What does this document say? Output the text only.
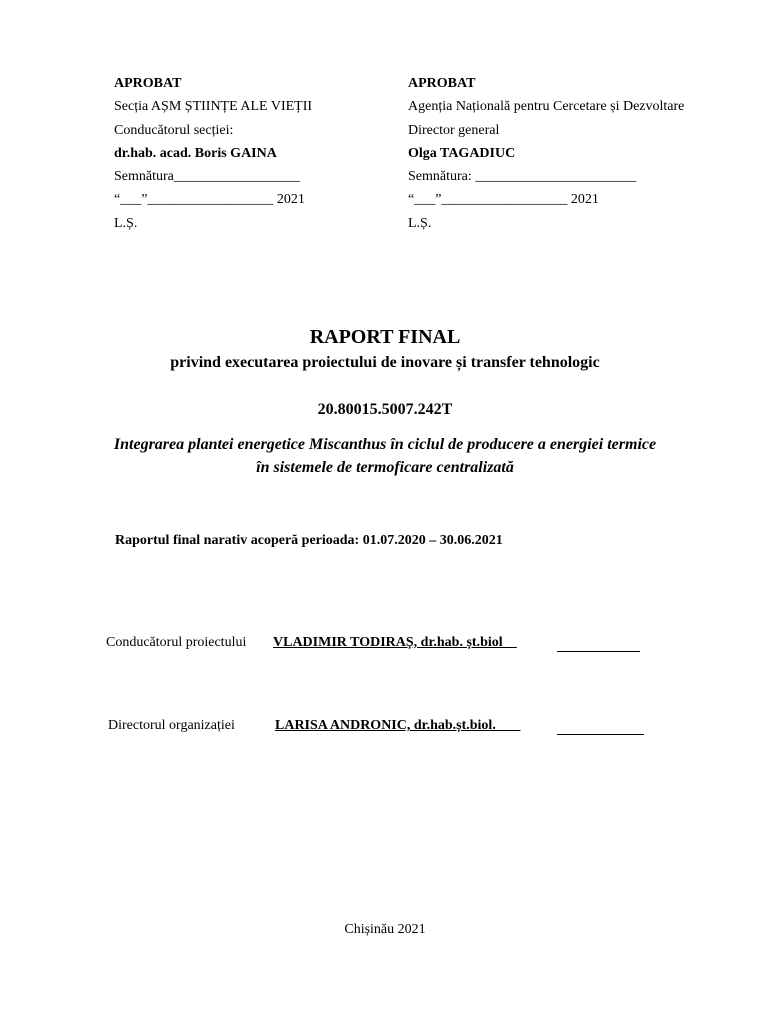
APROBAT
Secția AȘM ȘTIINȚE ALE VIEȚII
Conducătorul secției:
dr.hab. acad. Boris GAINA
Semnătura__________________
“___”__________________ 2021
L.Ș.
APROBAT
Agenția Națională pentru Cercetare și Dezvoltare
Director general
Olga TAGADIUC
Semnătura: _______________________
“___”__________________ 2021
L.Ș.
RAPORT FINAL
privind executarea proiectului de inovare și transfer tehnologic
20.80015.5007.242T
Integrarea plantei energetice Miscanthus în ciclul de producere a energiei termice
în sistemele de termoficare centralizată
Raportul final narativ acoperă perioada: 01.07.2020 – 30.06.2021
Conducătorul proiectului VLADIMIR TODIRAȘ, dr.hab. șt.biol__
Directorul organizației	LARISA ANDRONIC, dr.hab.șt.biol. ___
Chișinău 2021
